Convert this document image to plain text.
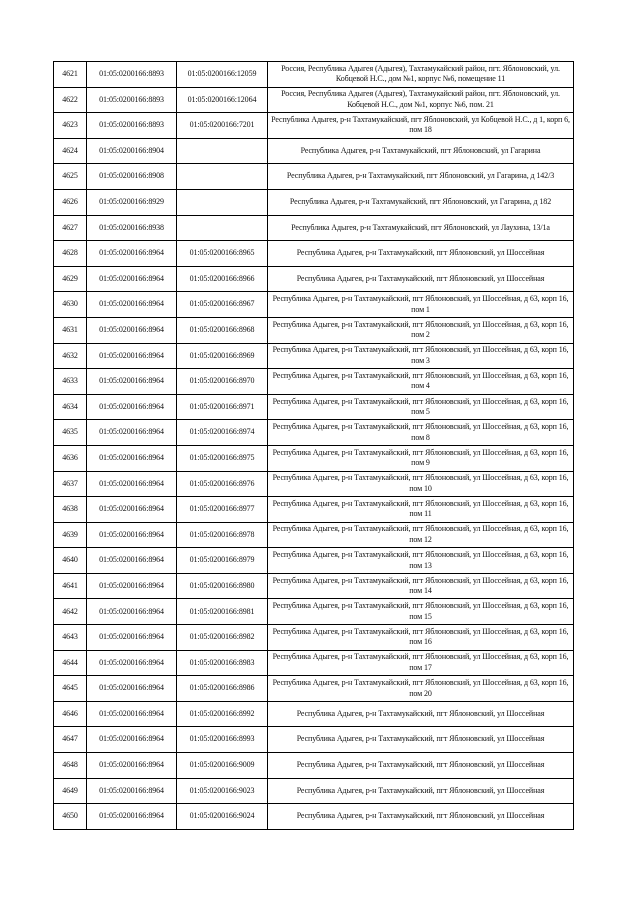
4621	01:05:0200166:8893	01:05:0200166:12059	Россия, Республика Адыгея (Адыгея), Тахтамукайский район, пгт. Яблоновский, ул. Кобцевой Н.С., дом №1, корпус №6, помещение 11
4622	01:05:0200166:8893	01:05:0200166:12064	Россия, Республика Адыгея (Адыгея), Тахтамукайский район, пгт. Яблоновский, ул. Кобцевой Н.С., дом №1, корпус №6, пом. 21
4623	01:05:0200166:8893	01:05:0200166:7201	Республика Адыгея, р-н Тахтамукайский, пгт Яблоновский, ул Кобцевой Н.С., д 1, корп 6, пом 18
4624	01:05:0200166:8904		Республика Адыгея, р-н Тахтамукайский, пгт Яблоновский, ул Гагарина
4625	01:05:0200166:8908		Республика Адыгея, р-н Тахтамукайский, пгт Яблоновский, ул Гагарина, д 142/3
4626	01:05:0200166:8929		Республика Адыгея, р-н Тахтамукайский, пгт Яблоновский, ул Гагарина, д 182
4627	01:05:0200166:8938		Республика Адыгея, р-н Тахтамукайский, пгт Яблоновский, ул Лаухина, 13/1а
4628	01:05:0200166:8964	01:05:0200166:8965	Республика Адыгея, р-н Тахтамукайский, пгт Яблоновский, ул Шоссейная
4629	01:05:0200166:8964	01:05:0200166:8966	Республика Адыгея, р-н Тахтамукайский, пгт Яблоновский, ул Шоссейная
4630	01:05:0200166:8964	01:05:0200166:8967	Республика Адыгея, р-н Тахтамукайский, пгт Яблоновский, ул Шоссейная, д 63, корп 16, пом 1
4631	01:05:0200166:8964	01:05:0200166:8968	Республика Адыгея, р-н Тахтамукайский, пгт Яблоновский, ул Шоссейная, д 63, корп 16, пом 2
4632	01:05:0200166:8964	01:05:0200166:8969	Республика Адыгея, р-н Тахтамукайский, пгт Яблоновский, ул Шоссейная, д 63, корп 16, пом 3
4633	01:05:0200166:8964	01:05:0200166:8970	Республика Адыгея, р-н Тахтамукайский, пгт Яблоновский, ул Шоссейная, д 63, корп 16, пом 4
4634	01:05:0200166:8964	01:05:0200166:8971	Республика Адыгея, р-н Тахтамукайский, пгт Яблоновский, ул Шоссейная, д 63, корп 16, пом 5
4635	01:05:0200166:8964	01:05:0200166:8974	Республика Адыгея, р-н Тахтамукайский, пгт Яблоновский, ул Шоссейная, д 63, корп 16, пом 8
4636	01:05:0200166:8964	01:05:0200166:8975	Республика Адыгея, р-н Тахтамукайский, пгт Яблоновский, ул Шоссейная, д 63, корп 16, пом 9
4637	01:05:0200166:8964	01:05:0200166:8976	Республика Адыгея, р-н Тахтамукайский, пгт Яблоновский, ул Шоссейная, д 63, корп 16, пом 10
4638	01:05:0200166:8964	01:05:0200166:8977	Республика Адыгея, р-н Тахтамукайский, пгт Яблоновский, ул Шоссейная, д 63, корп 16, пом 11
4639	01:05:0200166:8964	01:05:0200166:8978	Республика Адыгея, р-н Тахтамукайский, пгт Яблоновский, ул Шоссейная, д 63, корп 16, пом 12
4640	01:05:0200166:8964	01:05:0200166:8979	Республика Адыгея, р-н Тахтамукайский, пгт Яблоновский, ул Шоссейная, д 63, корп 16, пом 13
4641	01:05:0200166:8964	01:05:0200166:8980	Республика Адыгея, р-н Тахтамукайский, пгт Яблоновский, ул Шоссейная, д 63, корп 16, пом 14
4642	01:05:0200166:8964	01:05:0200166:8981	Республика Адыгея, р-н Тахтамукайский, пгт Яблоновский, ул Шоссейная, д 63, корп 16, пом 15
4643	01:05:0200166:8964	01:05:0200166:8982	Республика Адыгея, р-н Тахтамукайский, пгт Яблоновский, ул Шоссейная, д 63, корп 16, пом 16
4644	01:05:0200166:8964	01:05:0200166:8983	Республика Адыгея, р-н Тахтамукайский, пгт Яблоновский, ул Шоссейная, д 63, корп 16, пом 17
4645	01:05:0200166:8964	01:05:0200166:8986	Республика Адыгея, р-н Тахтамукайский, пгт Яблоновский, ул Шоссейная, д 63, корп 16, пом 20
4646	01:05:0200166:8964	01:05:0200166:8992	Республика Адыгея, р-н Тахтамукайский, пгт Яблоновский, ул Шоссейная
4647	01:05:0200166:8964	01:05:0200166:8993	Республика Адыгея, р-н Тахтамукайский, пгт Яблоновский, ул Шоссейная
4648	01:05:0200166:8964	01:05:0200166:9009	Республика Адыгея, р-н Тахтамукайский, пгт Яблоновский, ул Шоссейная
4649	01:05:0200166:8964	01:05:0200166:9023	Республика Адыгея, р-н Тахтамукайский, пгт Яблоновский, ул Шоссейная
4650	01:05:0200166:8964	01:05:0200166:9024	Республика Адыгея, р-н Тахтамукайский, пгт Яблоновский, ул Шоссейная
